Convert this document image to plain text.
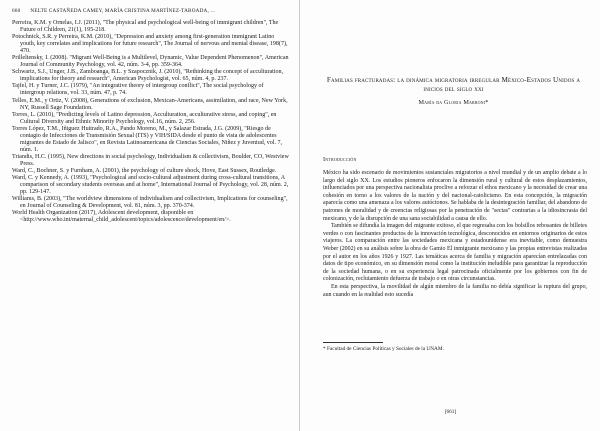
660 NELTE CASTAÑEDA CAMEY, MARÍA CRISTINA MARTÍNEZ-TABOADA, ...
Perreira, K.M. y Ornelas, I.J. (2011), "The physical and psychological well-being of immigrant children", The Future of Children, 21(1), 195-218.
Potochnick, S.R. y Perreira, K.M. (2010), "Depression and anxiety among first-generation immigrant Latino youth, key correlates and implications for future research", The Journal of nervous and mental disease, 198(7), 470.
Prilleltensky, I. (2008). "Migrant Well-Being is a Multilevel, Dynamic, Value Dependent Phenomenon", American Journal of Community Psychology, vol. 42, núm. 3-4, pp. 359-364.
Schwartz, S.J., Unger, J.B., Zamboanga, B.L. y Szapocznik, J. (2010), "Rethinking the concept of acculturation, implications for theory and research", American Psychologist, vol. 65, núm. 4, p. 237.
Tajfel, H. y Turner, J.C. (1979), "An integrative theory of intergroup conflict", The social psychology of intergroup relations, vol. 33, núm. 47, p. 74.
Telles, E.M., y Ortiz, V. (2008), Generations of exclusion, Mexican-Americans, assimilation, and race, New York, NY, Russell Sage Foundation.
Torres, L. (2010), "Predicting levels of Latino depression, Acculturation, acculturative stress, and coping", en Cultural Diversity and Ethnic Minority Psychology, vol.16, núm. 2, 256.
Torres López, T.M., Iñiguez Huitrado, R.A., Pando Moreno, M., y Salazar Estrada, J.G. (2009), "Riesgo de contagio de Infecciones de Transmisión Sexual (ITS) y VIH/SIDA desde el punto de vista de adolescentes migrantes de Estado de Jalisco", en Revista Latinoamericana de Ciencias Sociales, Niñez y Juventud, vol. 7, núm. 1.
Triandis, H.C. (1995), New directions in social psychology, Individualism & collectivism, Boulder, CO, Westview Press.
Ward, C., Bochner, S. y Furnham, A. (2001), the psychology of culture shock, Hove, East Sussex, Routledge.
Ward, C. y Kennedy, A. (1993), "Psychological and socio-cultural adjustment during cross-cultural transitions, A comparison of secondary students overseas and at home", International Journal of Psychology, vol. 28, núm. 2, pp. 129-147.
Williams, B. (2003), "The worldview dimensions of individualism and collectivism, Implications for counseling", en Journal of Counseling & Development, vol. 81, núm. 3, pp. 370-374.
World Health Organization (2017), Adolescent development, disponible en <http://www.who.int/maternal_child_adolescent/topics/adolescence/development/en/>.

Familias fracturadas: la dinámica migratoria irregular México-Estados Unidos a inicios del siglo xxi

María da Gloria Marroni*
Introducción

México ha sido escenario de movimientos sustanciales migratorios a nivel mundial y de un amplio debate a lo largo del siglo XX. Los estudios pioneros enfocaron la dimensión rural y cultural de estos desplazamientos, influenciados por una perspectiva nacionalista proclive a reforzar el ethos mexicano y la necesidad de crear una cohesión en torno a los valores de la nación y del nacional-catolicismo. En esta concepción, la migración aparecía como una amenaza a los valores autóctonos. Se hablaba de la desintegración familiar, del abandono de patrones de moralidad y de creencias religiosas por la penetración de "sectas" contrarias a la idiosincrasia del mexicano, y de la disrupción de una sana sociabilidad a causa de ello.

También se difundía la imagen del migrante exitoso, el que regresaba con los bolsillos rebosantes de billetes verdes o con fascinantes productos de la innovación tecnológica, desconocidos en entornos originarios de estos viajeros. La comparación entre las sociedades mexicana y estadounidense era inevitable, como demuestra Weber (2002) en su análisis sobre la obra de Gamio El inmigrante mexicano y las propias entrevistas realizadas por el autor en los años 1926 y 1927. Las temáticas acerca de familia y migración aparecían entrelazadas con datos de tipo económico, en su dimensión moral como la institución ineludible para garantizar la reproducción de la sociedad humana, o en su experiencia legal patrocinada oficialmente por los gobiernos con fin de colonización, reclutamiento defuerza de trabajo o en otras circunstancias.

En esta perspectiva, la movilidad de algún miembro de la familia no debía significar la ruptura del grupo, aun cuando en la realidad esto sucedía

* Facultad de Ciencias Políticas y Sociales de la UNAM.
[661]
